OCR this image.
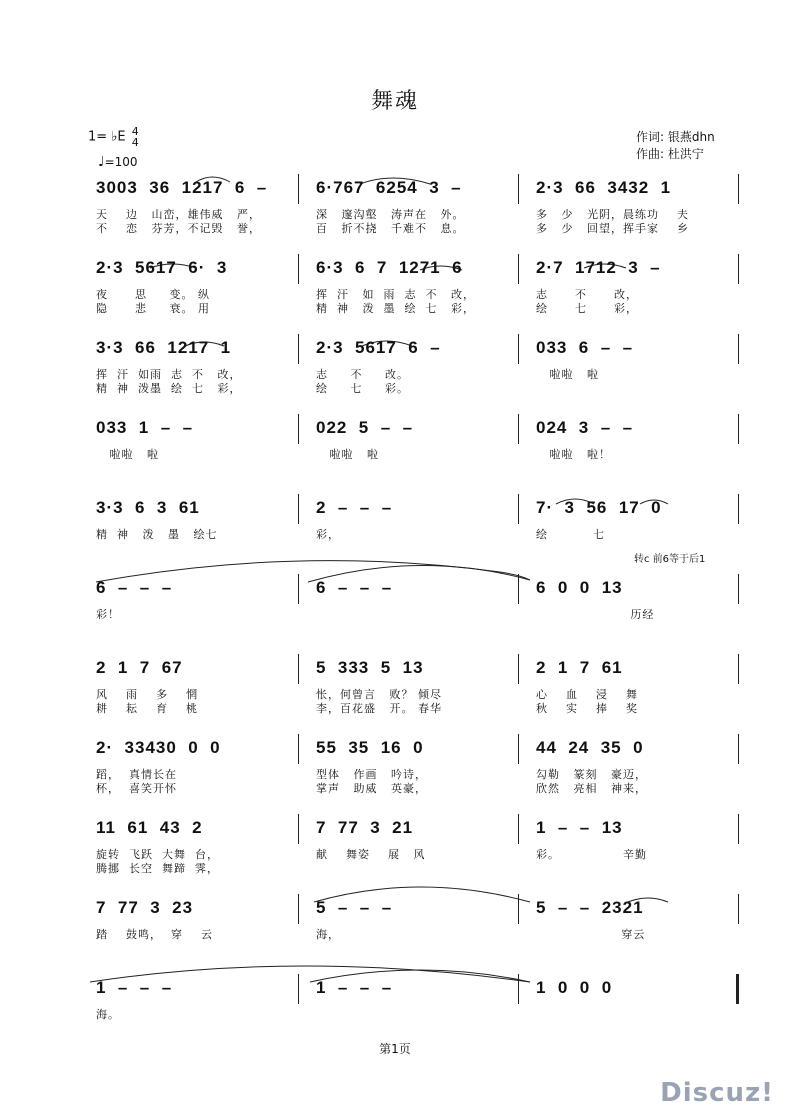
舞魂
1= ♭E 4
4
♩=100
作词: 银燕dhn
作曲: 杜洪宁
3003  36  1217  6  –
天    边   山峦，雄伟威   严，
不    恋   芬芳，不记毁   誉，
6·767  6254  3  –
深   邃沟壑   涛声在   外。
百   折不挠   千难不   息。
2·3  66  3432  1
多   少   光阴，晨练功    夫
多   少   回望，挥手家    乡
2·3  5617  6·  3
夜      思     变。 纵
隐      悲     衰。 用
6·3  6  7  1271  6
挥  汗   如  雨  志  不   改，
精  神   泼  墨  绘  七   彩，
2·7  1712  3  –
志      不      改，
绘      七      彩，
3·3  66  1217  1
挥  汗  如雨  志  不   改，
精  神  泼墨  绘  七   彩，
2·3  5617  6  –
志     不     改。
绘     七     彩。
033  6  –  –
啦啦   啦
033  1  –  –
啦啦   啦
022  5  –  –
啦啦   啦
024  3  –  –
啦啦   啦！
3·3  6  3  61
精  神   泼   墨   绘七
2  –  –  –
彩，
7·  3  56  17  0
绘          七
6  –  –  –
彩！
6  –  –  –	6  0  0  13
历经
2  1  7  67
风    雨    多    惘
耕    耘    育    桃
5  333  5  13
怅，何曾言   败？ 倾尽
李，百花盛   开。 春华
2  1  7  61
心    血    浸    舞
秋    实    捧    奖
2·  33430  0  0
蹈，  真情长在
杯，  喜笑开怀
55  35  16  0
型体   作画   吟诗，
掌声   助威   英豪，
44  24  35  0
勾勒   篆刻   豪迈，
欣然   亮相   神来，
11  61  43  2
旋转  飞跃  大舞  台，
腾挪  长空  舞蹄  霁，
7  77  3  21
献    舞姿    展   风
1  –  –  13
彩。              辛勤
7  77  3  23
踏    鼓鸣，  穿    云
5  –  –  –
海，
5  –  –  2321
穿云
1  –  –  –
海。
1  –  –  –	1  0  0  0
转c 前6等于后1
第1页
Discuz!
